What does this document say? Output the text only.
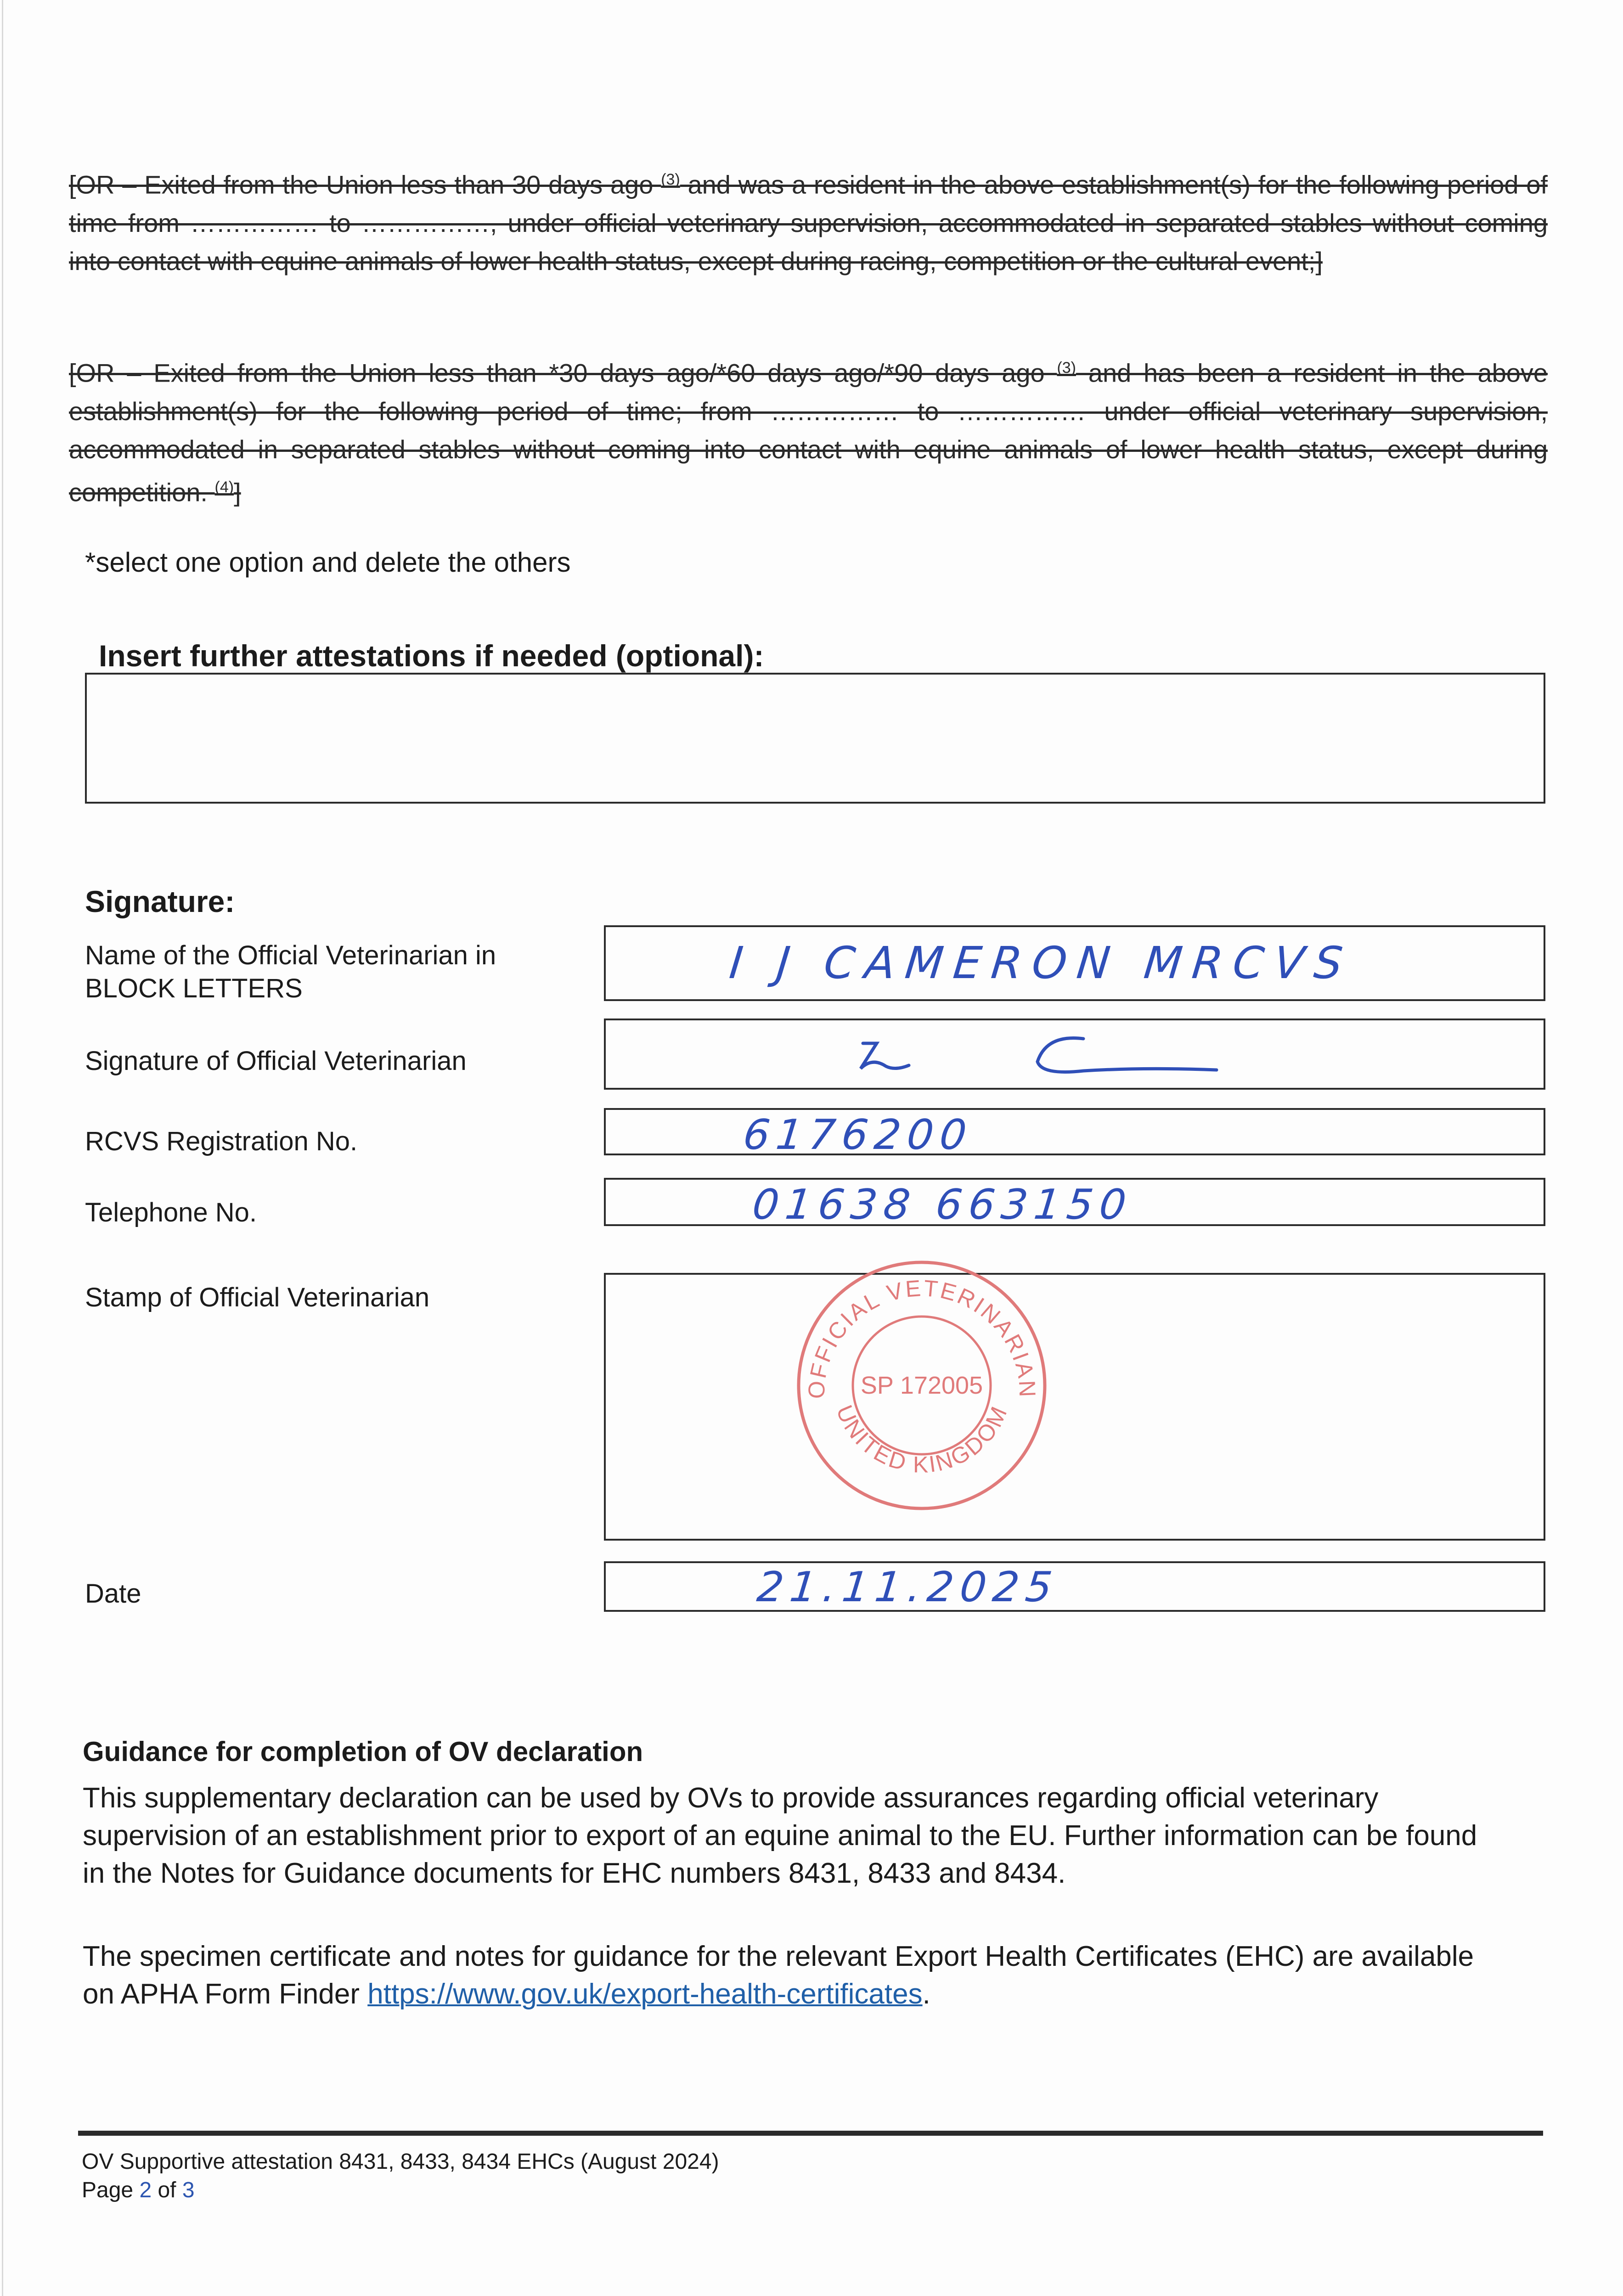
[OR – Exited from the Union less than 30 days ago $^{(3)}$ and was a resident in the above establishment(s) for the following period of time from …………… to ……………, under official veterinary supervision, accommodated in separated stables without coming into contact with equine animals of lower health status, except during racing, competition or the cultural event;]
[OR – Exited from the Union less than *30 days ago/*60 days ago/*90 days ago $^{(3)}$ and has been a resident in the above establishment(s) for the following period of time; from …………… to …………… under official veterinary supervision, accommodated in separated stables without coming into contact with equine animals of lower health status, except during competition. $^{(4)}$]
*select one option and delete the others
Insert further attestations if needed (optional):
Signature:
Name of the Official Veterinarian in
BLOCK LETTERS	I J CAMERON MRCVS
Signature of Official Veterinarian
RCVS Registration No.	6176200
Telephone No.	01638 663150
Stamp of Official Veterinarian
OFFICIAL VETERINARIAN
UNITED KINGDOM
SP 172005
Date	21.11.2025
Guidance for completion of OV declaration
This supplementary declaration can be used by OVs to provide assurances regarding official veterinary
supervision of an establishment prior to export of an equine animal to the EU. Further information can be found
in the Notes for Guidance documents for EHC numbers 8431, 8433 and 8434.
The specimen certificate and notes for guidance for the relevant Export Health Certificates (EHC) are available
on APHA Form Finder https://www.gov.uk/export-health-certificates.
OV Supportive attestation 8431, 8433, 8434 EHCs (August 2024)
Page 2 of 3
